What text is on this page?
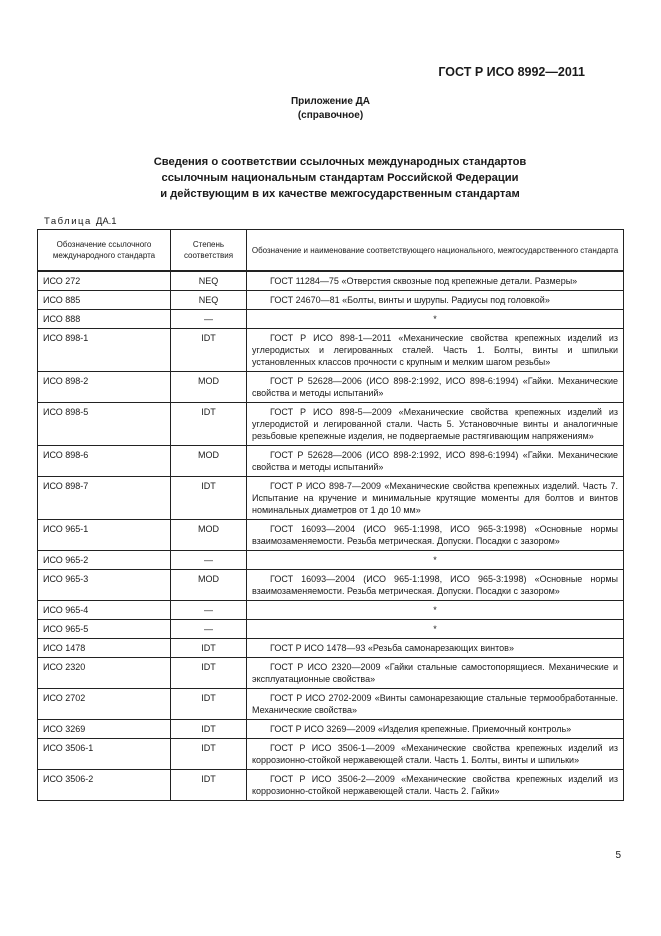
ГОСТ Р ИСО 8992—2011
Приложение ДА
(справочное)
Сведения о соответствии ссылочных международных стандартов
ссылочным национальным стандартам Российской Федерации
и действующим в их качестве межгосударственным стандартам
Таблица ДА.1
Обозначение ссылочного международного стандарта	Степень соответствия	Обозначение и наименование соответствующего национального, межгосударственного стандарта
ИСО 272	NEQ	ГОСТ 11284—75 «Отверстия сквозные под крепежные детали. Размеры»
ИСО 885	NEQ	ГОСТ 24670—81 «Болты, винты и шурупы. Радиусы под головкой»
ИСО 888	—	*
ИСО 898-1	IDT	ГОСТ Р ИСО 898-1—2011 «Механические свойства крепежных изделий из углеродистых и легированных сталей. Часть 1. Болты, винты и шпильки установленных классов прочности с крупным и мелким шагом резьбы»
ИСО 898-2	MOD	ГОСТ Р 52628—2006 (ИСО 898-2:1992, ИСО 898-6:1994) «Гайки. Механические свойства и методы испытаний»
ИСО 898-5	IDT	ГОСТ Р ИСО 898-5—2009 «Механические свойства крепежных изделий из углеродистой и легированной стали. Часть 5. Установочные винты и аналогичные резьбовые крепежные изделия, не подвергаемые растягивающим напряжениям»
ИСО 898-6	MOD	ГОСТ Р 52628—2006 (ИСО 898-2:1992, ИСО 898-6:1994) «Гайки. Механические свойства и методы испытаний»
ИСО 898-7	IDT	ГОСТ Р ИСО 898-7—2009 «Механические свойства крепежных изделий. Часть 7. Испытание на кручение и минимальные крутящие моменты для болтов и винтов номинальных диаметров от 1 до 10 мм»
ИСО 965-1	MOD	ГОСТ 16093—2004 (ИСО 965-1:1998, ИСО 965-3:1998) «Основные нормы взаимозаменяемости. Резьба метрическая. Допуски. Посадки с зазором»
ИСО 965-2	—	*
ИСО 965-3	MOD	ГОСТ 16093—2004 (ИСО 965-1:1998, ИСО 965-3:1998) «Основные нормы взаимозаменяемости. Резьба метрическая. Допуски. Посадки с зазором»
ИСО 965-4	—	*
ИСО 965-5	—	*
ИСО 1478	IDT	ГОСТ Р ИСО 1478—93 «Резьба самонарезающих винтов»
ИСО 2320	IDT	ГОСТ Р ИСО 2320—2009 «Гайки стальные самостопорящиеся. Механические и эксплуатационные свойства»
ИСО 2702	IDT	ГОСТ Р ИСО 2702-2009 «Винты самонарезающие стальные термообработанные. Механические свойства»
ИСО 3269	IDT	ГОСТ Р ИСО 3269—2009 «Изделия крепежные. Приемочный контроль»
ИСО 3506-1	IDT	ГОСТ Р ИСО 3506-1—2009 «Механические свойства крепежных изделий из коррозионно-стойкой нержавеющей стали. Часть 1. Болты, винты и шпильки»
ИСО 3506-2	IDT	ГОСТ Р ИСО 3506-2—2009 «Механические свойства крепежных изделий из коррозионно-стойкой нержавеющей стали. Часть 2. Гайки»
5
